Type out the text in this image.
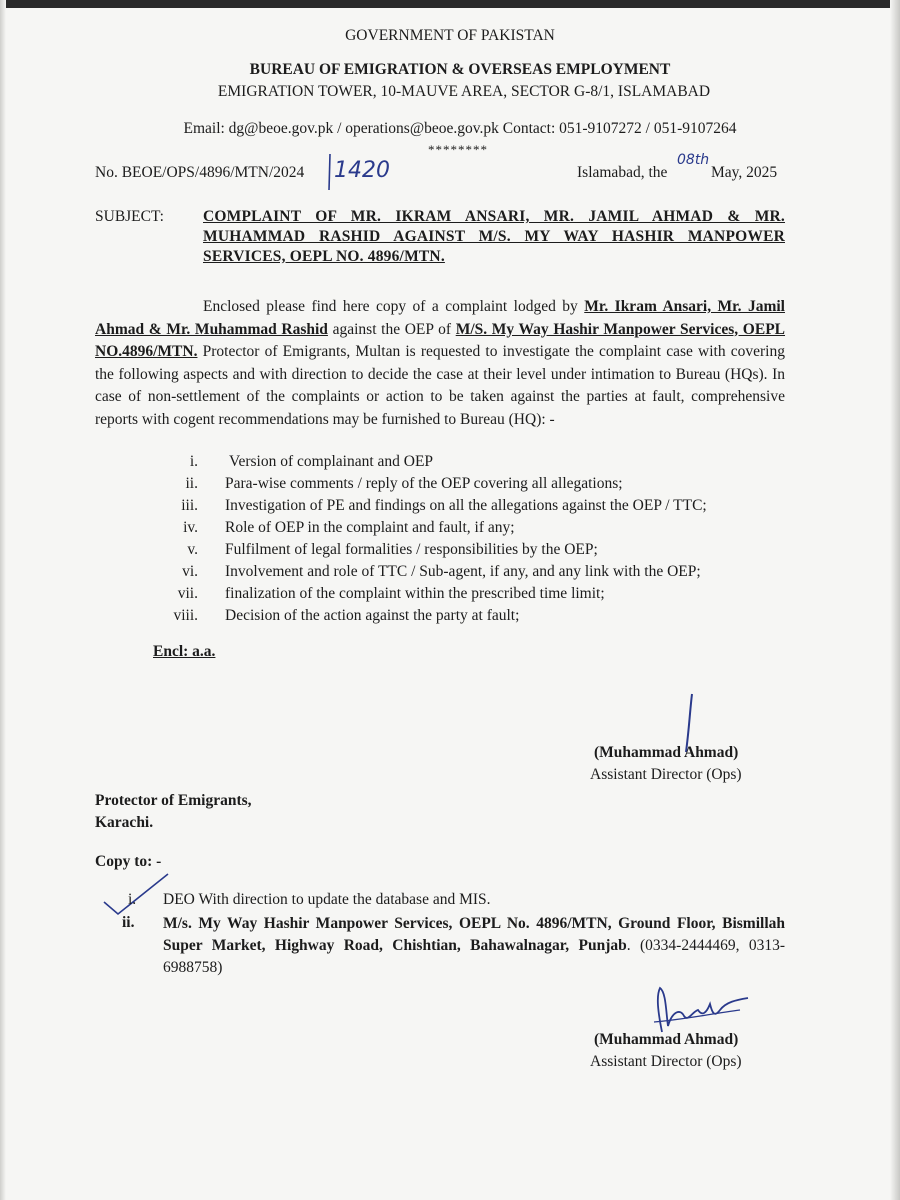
GOVERNMENT OF PAKISTAN
BUREAU OF EMIGRATION & OVERSEAS EMPLOYMENT
EMIGRATION TOWER, 10-MAUVE AREA, SECTOR G-8/1, ISLAMABAD
Email: dg@beoe.gov.pk / operations@beoe.gov.pk Contact: 051-9107272 / 051-9107264
********
No. BEOE/OPS/4896/MTN/2024 1420	Islamabad, the
08th
May, 2025
SUBJECT:	COMPLAINT OF MR. IKRAM ANSARI, MR. JAMIL AHMAD & MR. MUHAMMAD RASHID AGAINST M/S. MY WAY HASHIR MANPOWER SERVICES, OEPL NO. 4896/MTN.
Enclosed please find here copy of a complaint lodged by Mr. Ikram Ansari, Mr. Jamil Ahmad & Mr. Muhammad Rashid against the OEP of M/S. My Way Hashir Manpower Services, OEPL NO.4896/MTN. Protector of Emigrants, Multan is requested to investigate the complaint case with covering the following aspects and with direction to decide the case at their level under intimation to Bureau (HQs). In case of non-settlement of the complaints or action to be taken against the parties at fault, comprehensive reports with cogent recommendations may be furnished to Bureau (HQ): -
i. Version of complainant and OEP
ii. Para-wise comments / reply of the OEP covering all allegations;
iii. Investigation of PE and findings on all the allegations against the OEP / TTC;
iv. Role of OEP in the complaint and fault, if any;
v. Fulfilment of legal formalities / responsibilities by the OEP;
vi. Involvement and role of TTC / Sub-agent, if any, and any link with the OEP;
vii. finalization of the complaint within the prescribed time limit;
viii. Decision of the action against the party at fault;
Encl: a.a.
(Muhammad Ahmad)
Assistant Director (Ops)
Protector of Emigrants,
Karachi.
Copy to: -
i. DEO With direction to update the database and MIS.
ii. M/s. My Way Hashir Manpower Services, OEPL No. 4896/MTN, Ground Floor, Bismillah Super Market, Highway Road, Chishtian, Bahawalnagar, Punjab. (0334-2444469, 0313-6988758)
(Muhammad Ahmad)
Assistant Director (Ops)
